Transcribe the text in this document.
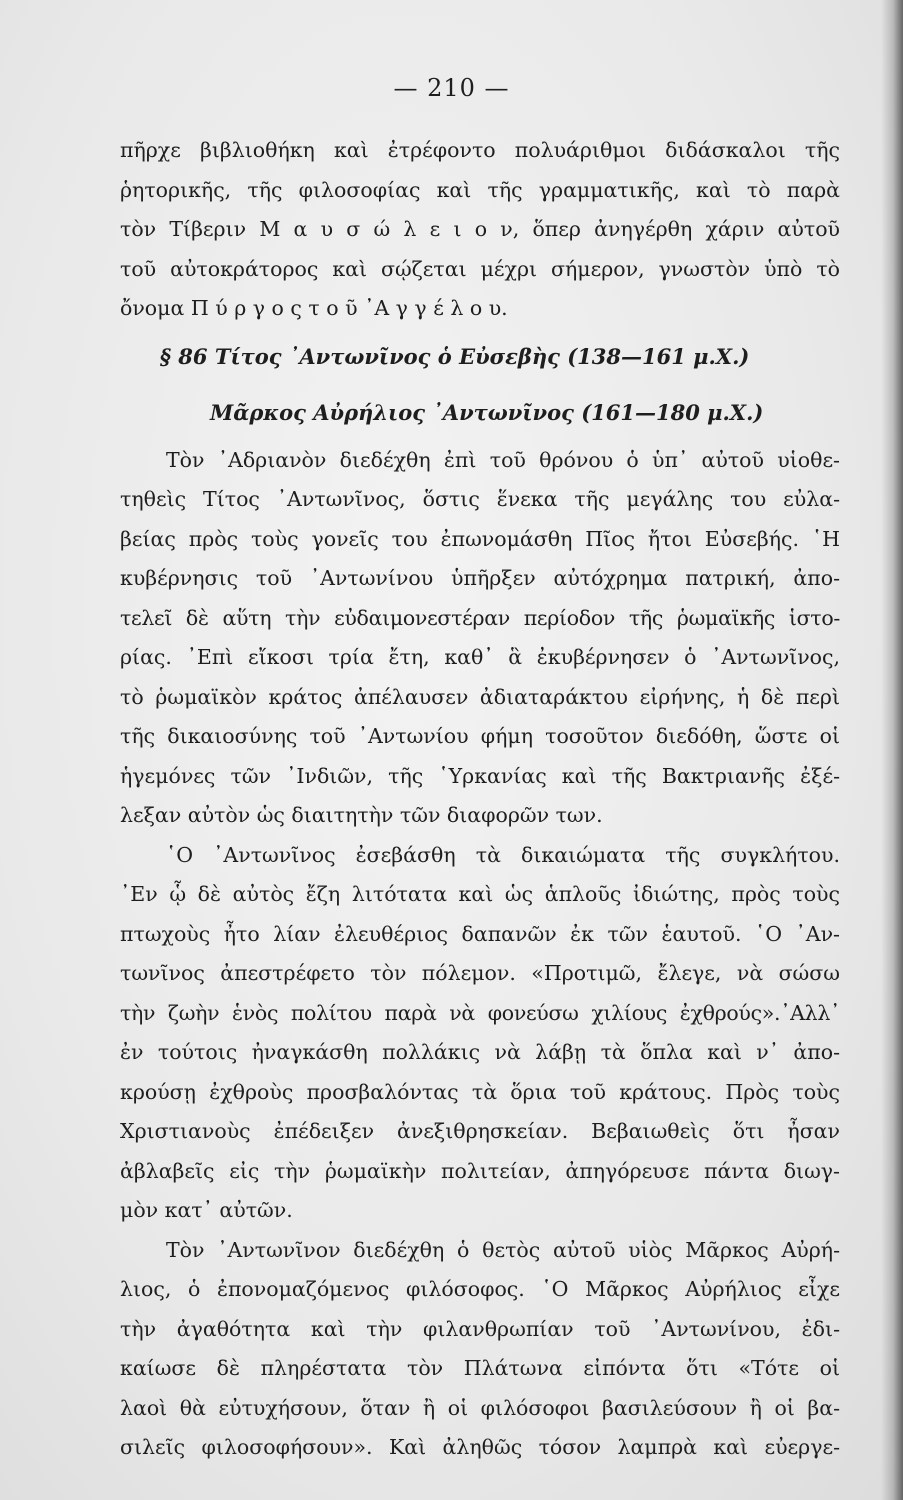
— 210 —
πῆρχε βιβλιοθήκη καὶ ἐτρέφοντο πολυάριθμοι διδάσκαλοι τῆς
ῥητορικῆς, τῆς φιλοσοφίας καὶ τῆς γραμματικῆς, καὶ τὸ παρὰ
τὸν Τίβεριν Μ α υ σ ώ λ ε ι ο ν, ὅπερ ἀνηγέρθη χάριν αὐτοῦ
τοῦ αὐτοκράτορος καὶ σῴζεται μέχρι σήμερον, γνωστὸν ὑπὸ τὸ
ὄνομα Π ύ ρ γ ο ς τ ο ῦ ᾿Α γ γ έ λ ο υ.
§ 86 Τίτος ᾿Αντωνῖνος ὁ Εὐσεβὴς (138—161 μ.Χ.)
Μᾶρκος Αὐρήλιος ᾿Αντωνῖνος (161—180 μ.Χ.)
Τὸν ᾿Αδριανὸν διεδέχθη ἐπὶ τοῦ θρόνου ὁ ὑπ᾿ αὐτοῦ υἱοθε-
τηθεὶς Τίτος ᾿Αντωνῖνος, ὅστις ἕνεκα τῆς μεγάλης του εὐλα-
βείας πρὸς τοὺς γονεῖς του ἐπωνομάσθη Πῖος ἤτοι Εὐσεβής. ῾Η
κυβέρνησις τοῦ ᾿Αντωνίνου ὑπῆρξεν αὐτόχρημα πατρική, ἀπο-
τελεῖ δὲ αὕτη τὴν εὐδαιμονεστέραν περίοδον τῆς ῥωμαϊκῆς ἱστο-
ρίας. ᾿Επὶ εἴκοσι τρία ἔτη, καθ᾿ ἃ ἐκυβέρνησεν ὁ ᾿Αντωνῖνος,
τὸ ῥωμαϊκὸν κράτος ἀπέλαυσεν ἀδιαταράκτου εἰρήνης, ἡ δὲ περὶ
τῆς δικαιοσύνης τοῦ ᾿Αντωνίου φήμη τοσοῦτον διεδόθη, ὥστε οἱ
ἡγεμόνες τῶν ᾿Ινδιῶν, τῆς ῾Υρκανίας καὶ τῆς Βακτριανῆς ἐξέ-
λεξαν αὐτὸν ὡς διαιτητὴν τῶν διαφορῶν των.
῾Ο ᾿Αντωνῖνος ἐσεβάσθη τὰ δικαιώματα τῆς συγκλήτου.
᾿Εν ᾧ δὲ αὐτὸς ἔζη λιτότατα καὶ ὡς ἁπλοῦς ἰδιώτης, πρὸς τοὺς
πτωχοὺς ἦτο λίαν ἐλευθέριος δαπανῶν ἐκ τῶν ἑαυτοῦ. ῾Ο ᾿Αν-
τωνῖνος ἀπεστρέφετο τὸν πόλεμον. «Προτιμῶ, ἔλεγε, νὰ σώσω
τὴν ζωὴν ἑνὸς πολίτου παρὰ νὰ φονεύσω χιλίους ἐχθρούς».᾿Αλλ᾿
ἐν τούτοις ἠναγκάσθη πολλάκις νὰ λάβῃ τὰ ὅπλα καὶ ν᾿ ἀπο-
κρούσῃ ἐχθροὺς προσβαλόντας τὰ ὅρια τοῦ κράτους. Πρὸς τοὺς
Χριστιανοὺς ἐπέδειξεν ἀνεξιθρησκείαν. Βεβαιωθεὶς ὅτι ἦσαν
ἀβλαβεῖς εἰς τὴν ῥωμαϊκὴν πολιτείαν, ἀπηγόρευσε πάντα διωγ-
μὸν κατ᾿ αὐτῶν.
Τὸν ᾿Αντωνῖνον διεδέχθη ὁ θετὸς αὐτοῦ υἱὸς Μᾶρκος Αὐρή-
λιος, ὁ ἐπονομαζόμενος φιλόσοφος. ῾Ο Μᾶρκος Αὐρήλιος εἶχε
τὴν ἀγαθότητα καὶ τὴν φιλανθρωπίαν τοῦ ᾿Αντωνίνου, ἐδι-
καίωσε δὲ πληρέστατα τὸν Πλάτωνα εἰπόντα ὅτι «Τότε οἱ
λαοὶ θὰ εὐτυχήσουν, ὅταν ἢ οἱ φιλόσοφοι βασιλεύσουν ἢ οἱ βα-
σιλεῖς φιλοσοφήσουν». Καὶ ἀληθῶς τόσον λαμπρὰ καὶ εὐεργε-
